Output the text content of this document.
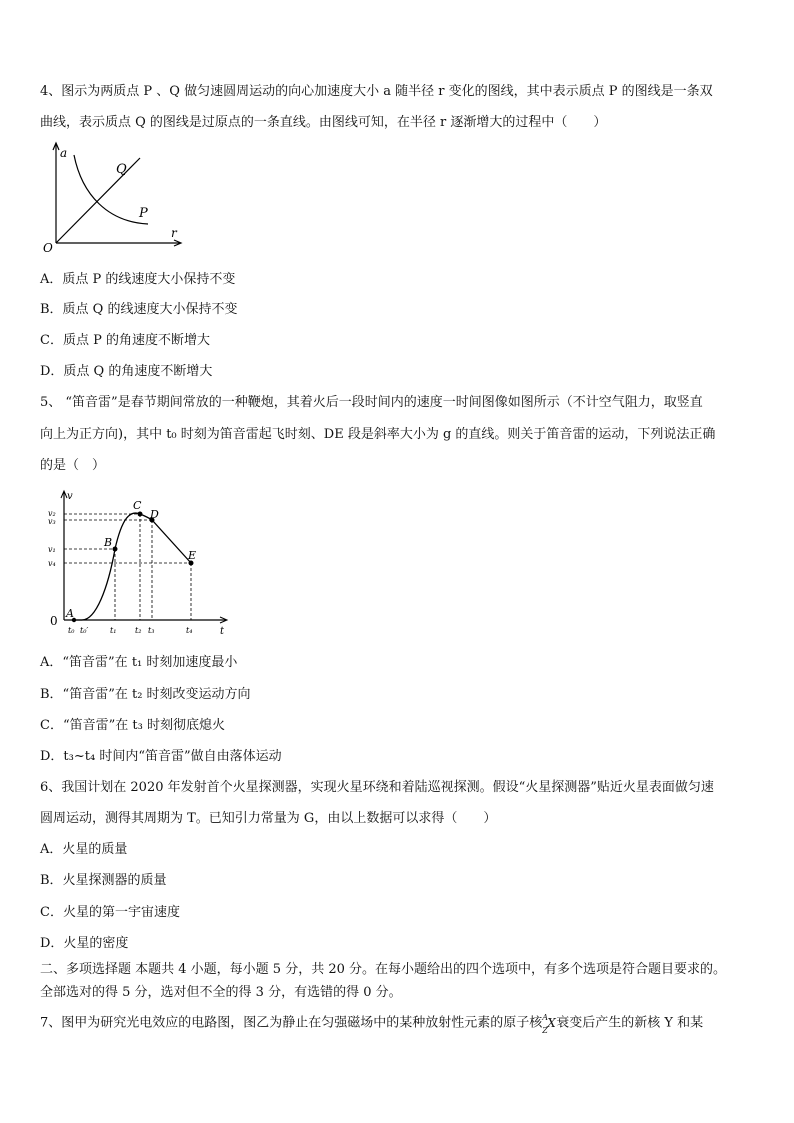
4、图示为两质点 P 、Q 做匀速圆周运动的向心加速度大小 a 随半径 r 变化的图线，其中表示质点 P 的图线是一条双
曲线，表示质点 Q 的图线是过原点的一条直线。由图线可知，在半径 r 逐渐增大的过程中（　　）
a
r
O
Q
P
A．质点 P 的线速度大小保持不变
B．质点 Q 的线速度大小保持不变
C．质点 P 的角速度不断增大
D．质点 Q 的角速度不断增大
5、 “笛音雷”是春节期间常放的一种鞭炮，其着火后一段时间内的速度一时间图像如图所示（不计空气阻力，取竖直
向上为正方向)，其中 t₀ 时刻为笛音雷起飞时刻、DE 段是斜率大小为 g 的直线。则关于笛音雷的运动，下列说法正确
的是（　）
v
t
0
A
B
C
D
E
v₂
v₃
v₁
v₄
t₀ t₀′	t₁ t₂ t₃	t₄
A．“笛音雷”在 t₁ 时刻加速度最小
B．“笛音雷”在 t₂ 时刻改变运动方向
C．“笛音雷”在 t₃ 时刻彻底熄火
D．t₃~t₄ 时间内“笛音雷”做自由落体运动
6、我国计划在 2020 年发射首个火星探测器，实现火星环绕和着陆巡视探测。假设“火星探测器”贴近火星表面做匀速
圆周运动，测得其周期为 T。已知引力常量为 G，由以上数据可以求得（　　）
A．火星的质量
B．火星探测器的质量
C．火星的第一宇宙速度
D．火星的密度
二、多项选择题 本题共 4 小题，每小题 5 分，共 20 分。在每小题给出的四个选项中，有多个选项是符合题目要求的。
全部选对的得 5 分，选对但不全的得 3 分，有选错的得 0 分。
7、图甲为研究光电效应的电路图，图乙为静止在匀强磁场中的某种放射性元素的原子核 A
Z
X 衰变后产生的新核 Y 和某
